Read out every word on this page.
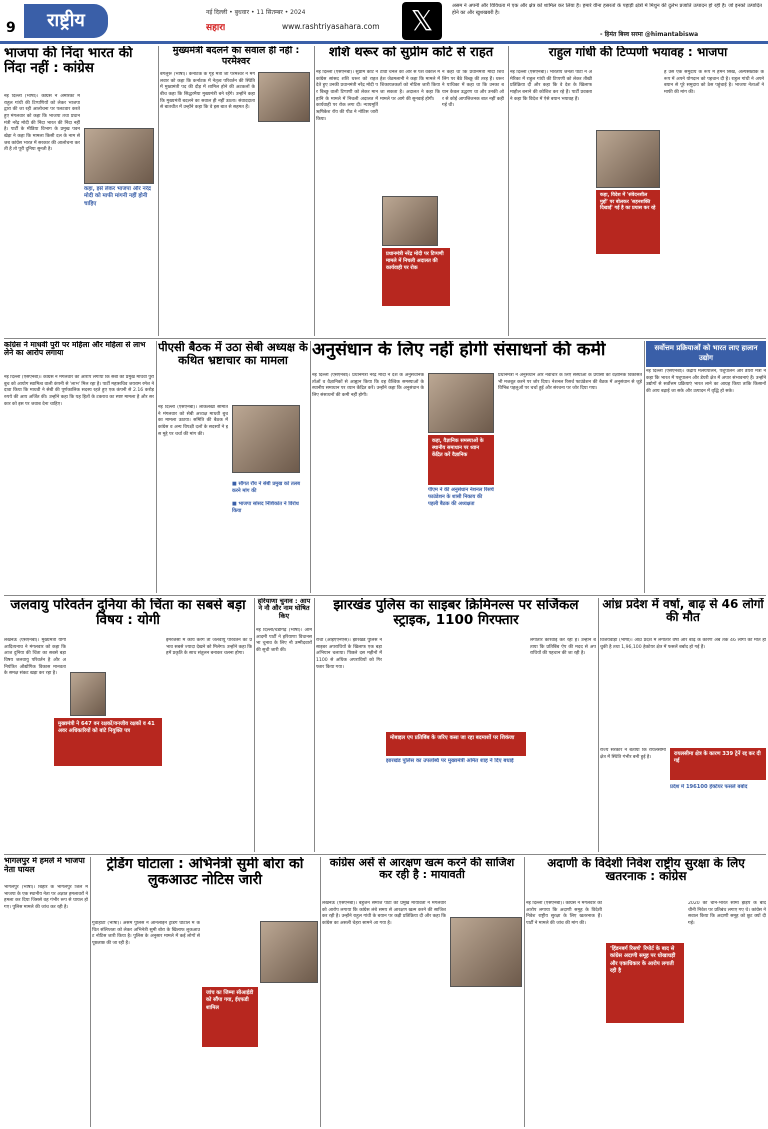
9	राष्ट्रीय	नई दिल्ली • बुधवार • 11 सितम्बर • 2024
सहारा	www.rashtriyasahara.com	𝕏	असम ने अपनी और विविधता में एक और क्षेत्र को शामिल कर लिया है। हमारे वीना हसरतों के पहाड़ी क्षेत्रों में मिथुन की दुर्लभ प्रजाति उत्पादन हो रही है। जो इनको उत्पादित होने का और खुशखबरी है।
- हिमंत बिस्व सरमा @himantabiswa
भाजपा की निंदा भारत की निंदा नहीं : कांग्रेस
कहा, इसे लेकर भाजपा और नरेंद्र मोदी को माफी मांगनी नहीं होनी चाहिए
नई दिल्ली (भाषा)। कांग्रेस ने अमेरिका में राहुल गांधी की टिप्पणियों को लेकर भाजपा द्वारा की जा रही आलोचना पर पलटवार करते हुए मंगलवार को कहा कि भाजपा तथा प्रधानमंत्री नरेंद्र मोदी की निंदा भारत की निंदा नहीं है। पार्टी के मीडिया विभाग के प्रमुख पवन खेड़ा ने कहा कि मामला किसी दल के नाम से जब कांग्रेस भारत में सरकार की आलोचना करती है तो पूरी दुनिया सुनती है।
मुख्यमंत्री बदलने का सवाल ही नहीं : परमेश्वर
बेंगलुरू (भाषा)। कर्नाटक के गृह मंत्री जी परमेश्वर ने मंगलवार को कहा कि कर्नाटक में नेतृत्व परिवर्तन की स्थिति में मुख्यमंत्री पद की दौड़ में शामिल होने की अटकलों के बीच कहा कि सिद्धरमैया मुख्यमंत्री बने रहेंगे। उन्होंने कहा कि मुख्यमंत्री बदलने का सवाल ही नहीं उठता। संवाददाता से बातचीत में उन्होंने कहा कि वे इस बात से सहमत हैं।
शशि थरूर को सुप्रीम कोर्ट से राहत
प्रधानमंत्री नरेंद्र मोदी पर टिप्पणी मामले में निचली अदालत की कार्यवाही पर रोक
नई दिल्ली (एसएनबी)। सुप्रीम कोर्ट ने कांग्रेस सांसद शशि थरूर को राहत देते हुए उनकी प्रधानमंत्री नरेंद्र मोदी पर बिच्छू वाली टिप्पणी को लेकर मानहानि के मामले में निचली अदालत में कार्यवाही पर रोक लगा दी। न्यायमूर्ति ऋषिकेश रॉय की पीठ ने नोटिस जारी किया।
टीवी चैनल की ओर से पेश वकील महेश जेठमलानी ने कहा कि मामले में शिकायतकर्ता को नोटिस जारी किया जा सकता है। अदालत ने कहा कि मामले पर आगे की सुनवाई होगी।
ने कहा था कि प्रधानमंत्री मोदी शिवलिंग पर बैठे बिच्छू की तरह हैं। थरूर ने याचिका में कहा था कि उनका बयान केवल उद्धरण था और उनकी ओर से कोई आपत्तिजनक बात नहीं कही गई थी।
राहुल गांधी की टिप्पणी भयावह : भाजपा
कहा, विदेश में 'संवेदनशील मुद्दों' पर बोलकर 'सहनशक्ति दिखाई' गई है का प्रयास कर रहे
नई दिल्ली (एसएनबी)। भारतीय जनता पार्टी ने अमेरिका में राहुल गांधी की टिप्पणी को लेकर तीखी प्रतिक्रिया दी और कहा कि वे देश के खिलाफ माहौल बनाने की कोशिश कर रहे हैं। पार्टी प्रवक्ता ने कहा कि विदेश में ऐसे बयान भयावह हैं।
है उस एक समुदाय के रूप में हमने सिख, अल्पसंख्यक के रूप में अपने योगदान को पहचान दी है। राहुल गांधी ने अपने बयान से पूरे समुदाय को ठेस पहुंचाई है। भाजपा नेताओं ने माफी की मांग की।
कांग्रेस ने माधवी पुरी पर महिला और महिला से लाभ लेने का आरोप लगाया
नई दिल्ली (एसएनबी)। कांग्रेस ने मंगलवार को आरोप लगाया कि सेबी की प्रमुख माधवी पुरी बुच को आयोग स्वामित्व वाली कंपनी से 'लाभ' मिल रहा है। पार्टी महासचिव जयराम रमेश ने दावा किया कि माधवी ने सेबी की पूर्णकालिक सदस्य रहते हुए एक कंपनी से 2.16 करोड़ रुपये की आय अर्जित की। उन्होंने कहा कि यह हितों के टकराव का स्पष्ट मामला है और सरकार को इस पर जवाब देना चाहिए।
पीएसी बैठक में उठा सेबी अध्यक्ष के कथित भ्रष्टाचार का मामला
■ सौगत रॉय ने सेबी प्रमुख को तलब करने मांग की
■ भाजपा सांसद निशिकांत ने विरोध किया
नई दिल्ली (एसएनबी)। लोकलेखा समिति ने मंगलवार को सेबी अध्यक्ष माधवी बुच का मामला उठाया। समिति की बैठक में कांग्रेस व अन्य विपक्षी दलों के सदस्यों ने इस मुद्दे पर चर्चा की मांग की।
अनुसंधान के लिए नहीं होगी संसाधनों की कमी
कहा, वैज्ञानिक समस्याओं के स्थानीय समाधान पर ध्यान केंद्रित करें वैज्ञानिक
पीएम ने की अनुसंधान नेशनल रिसर्च फाउंडेशन के शासी निकाय की पहली बैठक की अध्यक्षता
नई दिल्ली (एसएनबी)। प्रधानमंत्री नरेंद्र मोदी ने देश के अनुसंधानकर्ताओं व वैज्ञानिकों से आह्वान किया कि वह वैश्विक समस्याओं के स्थानीय समाधान पर ध्यान केंद्रित करें। उन्होंने कहा कि अनुसंधान के लिए संसाधनों की कमी नहीं होगी।
प्रधानमंत्री ने अनुसंधान और नवाचार के लिए संस्थाओं के प्रयासों की वैज्ञानिक विकसित भी मजबूत करने पर जोर दिया। नेशनल रिसर्च फाउंडेशन की बैठक में अनुसंधान से जुड़े विभिन्न पहलुओं पर चर्चा हुई और संरचना पर जोर दिया गया।
सर्वोत्तम प्रक्रियाओं को भारत लाए हालान उद्योग
नई दिल्ली (एसएनबी)। केंद्रीय मत्स्यपालन, पशुपालन और डेयरी मंत्री ने कहा कि भारत में पशुपालन और डेयरी क्षेत्र में अपार संभावनाएं हैं। उन्होंने उद्योगों से सर्वोत्तम प्रक्रियाएं भारत लाने का आग्रह किया ताकि किसानों की आय बढ़ाई जा सके और उत्पादन में वृद्धि हो सके।
जलवायु परिवर्तन दुनिया की चिंता का सबसे बड़ा विषय : योगी
मुख्यमंत्री ने 647 वन रक्षकों/वनजीव रक्षकों व 41 अवर अधिकारियों को बांटे नियुक्ति पत्र
लखनऊ (एसएनबी)। मुख्यमंत्री योगी आदित्यनाथ ने मंगलवार को कहा कि आज दुनिया की चिंता का सबसे बड़ा विषय जलवायु परिवर्तन है और अनियंत्रित औद्योगिक विकास मानवता के समक्ष संकट खड़ा कर रहा है।
इमरजेंसी में कार्य करेंगे तो जलवायु परिवर्तन का प्रभाव सबसे ज्यादा देखने को मिलेगा। उन्होंने कहा कि हमें प्रकृति के साथ संतुलन बनाकर चलना होगा।
हरियाणा चुनाव : आप ने नौ और नाम घोषित किए
नई दिल्ली/चंडीगढ़ (भाषा)। आम आदमी पार्टी ने हरियाणा विधानसभा चुनाव के लिए नौ उम्मीदवारों की सूची जारी की।
झारखंड पुलिस का साइबर क्रिमिनल्स पर सर्जिकल स्ट्राइक, 1100 गिरफ्तार
मोबाइल एप प्रतिबिंब के जरिए कसा जा रहा बदमाशों पर शिकंजा
झारखंड पुलिस का उपलब्धि पर मुख्यमंत्री अमित शाह ने दिए बधाई
रांची (आईएएनएस)। झारखंड पुलिस ने साइबर अपराधियों के खिलाफ एक बड़ा अभियान चलाया। पिछले दस महीनों में 1100 से अधिक अपराधियों को गिरफ्तार किया गया।
लगातार कार्रवाई कर रही है। उन्होंने बताया कि प्रतिबिंब ऐप की मदद से अपराधियों की पहचान की जा रही है।
आंध्र प्रदेश में वर्षा, बाढ़ से 46 लोगों की मौत
रायलसीमा क्षेत्र के कारण 339 ट्रेनें रद्द कर दी गई
प्रदेश में 196100 हेक्टेयर फसलें बर्बाद
विजयवाड़ा (भाषा)। आंध्र प्रदेश में लगातार वर्षा और बाढ़ के कारण अब तक 46 लोगों की मौत हो चुकी है तथा 1,96,100 हेक्टेयर क्षेत्र में फसलें बर्बाद हो गई हैं।
राज्य सरकार ने बताया कि रायलसीमा क्षेत्र में स्थिति गंभीर बनी हुई है।
भागलपुर में हमले में भाजपा नेता घायल
भागलपुर (भाषा)। बिहार के भागलपुर जिले में भाजपा के एक स्थानीय नेता पर अज्ञात हमलावरों ने हमला कर दिया जिससे वह गंभीर रूप से घायल हो गए। पुलिस मामले की जांच कर रही है।
ट्रेडिंग घोटाला : अभिनेत्री सुमी बोरा को लुकआउट नोटिस जारी
जांच का जिम्मा सीआईडी को सौंपा गया, ईएफडी शामिल
गुवाहाटी (भाषा)। असम पुलिस ने ऑनलाइन ट्रेडिंग घोटाले में कथित संलिप्तता को लेकर अभिनेत्री सुमी बोरा के खिलाफ लुकआउट नोटिस जारी किया है। पुलिस के अनुसार मामले में कई लोगों से पूछताछ की जा रही है।
कांग्रेस अर्से से आरक्षण खत्म करने की साजिश कर रही है : मायावती
लखनऊ (एसएनबी)। बहुजन समाज पार्टी की प्रमुख मायावती ने मंगलवार को आरोप लगाया कि कांग्रेस लंबे समय से आरक्षण खत्म करने की साजिश कर रही है। उन्होंने राहुल गांधी के बयान पर कड़ी प्रतिक्रिया दी और कहा कि कांग्रेस का असली चेहरा सामने आ गया है।
अदाणी के विदेशी निवेश राष्ट्रीय सुरक्षा के लिए खतरनाक : कांग्रेस
'हिंडनबर्ग रिसर्च' रिपोर्ट के बाद से कांग्रेस अदाणी समूह पर धोखाधड़ी और एकाधिकार के आरोप लगाती रही है
नई दिल्ली (एसएनबी)। कांग्रेस ने मंगलवार को आरोप लगाया कि अदाणी समूह के विदेशी निवेश राष्ट्रीय सुरक्षा के लिए खतरनाक हैं। पार्टी ने मामले की जांच की मांग की।
2020 की चीन-भारत सीमा झड़प के बाद चीनी निवेश पर प्रतिबंध लगाए गए थे। कांग्रेस ने सवाल किया कि अदाणी समूह को छूट क्यों दी गई।
